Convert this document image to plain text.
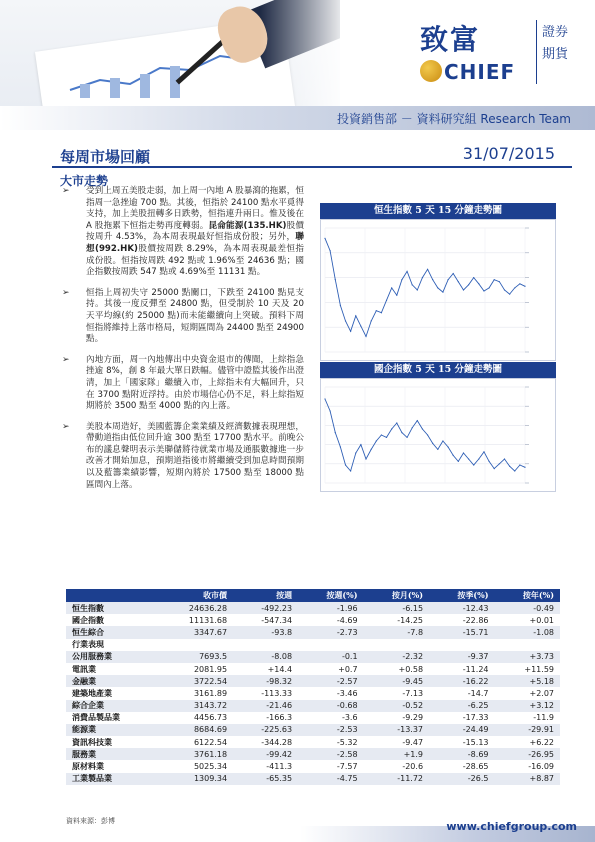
致富
CHIEF
證券
期貨
投資銷售部 － 資料研究組 Research Team
每周市場回顧	31/07/2015
大市走勢
➢ 受到上周五美股走弱，加上周一內地 A 股暴瀉的拖累，恒指周一急挫逾 700 點。其後，恒指於 24100 點水平覓得支持，加上美股扭轉多日跌勢，恒指連升兩日。惟及後在 A 股拖累下恒指走勢再度轉弱。昆侖能源(135.HK)股價按周升 4.53%，為本周表現最好恒指成份股；另外，聯想(992.HK)股價按周跌 8.29%，為本周表現最差恒指成份股。恒指按周跌 492 點或 1.96%至 24636 點；國企指數按周跌 547 點或 4.69%至 11131 點。
➢ 恒指上周初失守 25000 點關口，下跌至 24100 點見支持。其後一度反彈至 24800 點，但受制於 10 天及 20 天平均線(約 25000 點)而未能繼續向上突破。預料下周恒指將維持上落市格局，短期區間為 24400 點至 24900 點。
➢ 內地方面，周一內地傳出中央資金退市的傳聞，上綜指急挫逾 8%，創 8 年最大單日跌幅。儘管中證監其後作出澄清，加上「國家隊」繼續入市，上綜指未有大幅回升，只在 3700 點附近浮持。由於市場信心仍不足，料上綜指短期將於 3500 點至 4000 點的內上落。
➢ 美股本周造好，美國藍籌企業業績及經濟數據表現理想，帶動道指由低位回升逾 300 點至 17700 點水平。前晚公布的議息聲明表示美聯儲將待就業市場及通脹數據進一步改善才開始加息，預期道指後市將繼續受到加息時間預期以及藍籌業績影響，短期內將於 17500 點至 18000 點區間內上落。
恒生指數 5 天 15 分鐘走勢圖
國企指數 5 天 15 分鐘走勢圖
	收市價	按週	按週(%)	按月(%)	按季(%)	按年(%)
恒生指數	24636.28	-492.23	-1.96	-6.15	-12.43	-0.49
國企指數	11131.68	-547.34	-4.69	-14.25	-22.86	+0.01
恒生綜合	3347.67	-93.8	-2.73	-7.8	-15.71	-1.08
行業表現						
公用服務業	7693.5	-8.08	-0.1	-2.32	-9.37	+3.73
電訊業	2081.95	+14.4	+0.7	+0.58	-11.24	+11.59
金融業	3722.54	-98.32	-2.57	-9.45	-16.22	+5.18
建築地產業	3161.89	-113.33	-3.46	-7.13	-14.7	+2.07
綜合企業	3143.72	-21.46	-0.68	-0.52	-6.25	+3.12
消費品製品業	4456.73	-166.3	-3.6	-9.29	-17.33	-11.9
能源業	8684.69	-225.63	-2.53	-13.37	-24.49	-29.91
資訊科技業	6122.54	-344.28	-5.32	-9.47	-15.13	+6.22
服務業	3761.18	-99.42	-2.58	+1.9	-8.69	-26.95
原材料業	5025.34	-411.3	-7.57	-20.6	-28.65	-16.09
工業製品業	1309.34	-65.35	-4.75	-11.72	-26.5	+8.87
資料來源：彭博	www.chiefgroup.com
